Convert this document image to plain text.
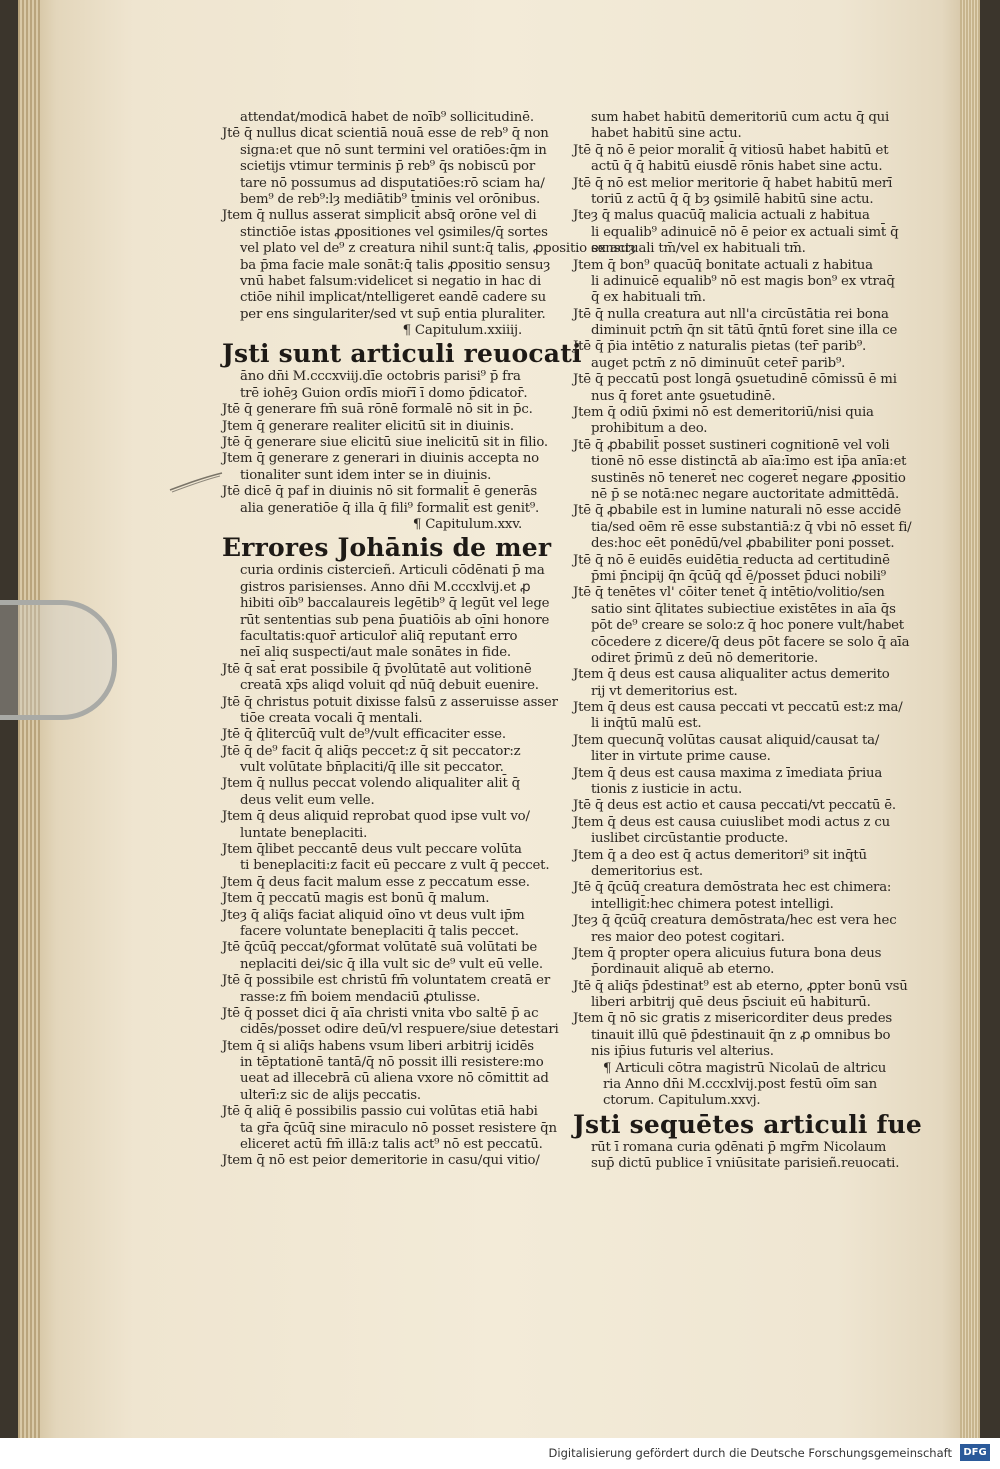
attendat/modicā habet de noīb⁹ sollicitudinē.
Jtē q̄ nullus dicat scientiā nouā esse de reb⁹ q̄ non
signa:et que nō sunt termini vel oratiōes:q̄m in
scietijs vtimur terminis p̄ reb⁹ q̄s nobiscū por
tare nō possumus ad disputatiōes:rō sciam ha/
bem⁹ de reb⁹:lȝ mediātib⁹ t̄minis vel orōnibus.
Jtem q̄ nullus asserat simplicit̄ absq̄ orōne vel di
stinctiōe istas ꝓpositiones vel ꝯsimiles/q̄ sortes
vel plato vel de⁹ z creatura nihil sunt:q̄ talis, ꝓpositio sensuȝ
ba p̄ma facie male sonāt:q̄ talis ꝓpositio sensuȝ
vnū habet falsum:videlicet si negatio in hac di
ctiōe nihil implicat/ntelligeret eandē cadere su
per ens singulariter/sed vt sup̄ entia pluraliter.
¶ Capitulum.xxiiij.
Jsti sunt articuli reuocati
āno dn̄i M.cccxviij.dīe octobris parisi⁹ p̄ fra
trē iohēȝ Guion ordīs mior̄ī ī domo p̄dicator̄.
Jtē q̄ generare fm̄ suā rōnē formalē nō sit in p̄c.
Jtem q̄ generare realiter elicitū sit in diuinis.
Jtē q̄ generare siue elicitū siue inelicitū sit in filio.
Jtem q̄ generare z generari in diuinis accepta no
tionaliter sunt idem inter se in diuinis.
Jtē dicē q̄ paf in diuinis nō sit formalit̄ ē generās
alia generatiōe q̄ illa q̄ fili⁹ formalit̄ est genit⁹.
¶ Capitulum.xxv.
Errores Johānis de mer
curia ordinis cistercieñ. Articuli cōdēnati p̄ ma
gistros parisienses. Anno dn̄i M.cccxlvij.et ꝓ
hibiti oīb⁹ baccalaureis legētib⁹ q̄ legūt vel lege
rūt sententias sub pena p̄uatiōis ab oīni honore
facultatis:quor̄ articulor̄ aliq̄ reputant̄ erro
neī aliq suspecti/aut male sonātes in fide.
Jtē q̄ sat̄ erat possibile q̄ p̄volūtatē aut volitionē
creatā xp̄s aliqd voluit qd̄ nūq̄ debuit euenire.
Jtē q̄ christus potuit dixisse falsū z asseruisse asser
tiōe creata vocali q̄ mentali.
Jtē q̄ q̄litercūq̄ vult de⁹/vult efficaciter esse.
Jtē q̄ de⁹ facit q̄ aliq̄s peccet:z q̄ sit peccator:z
vult volūtate bn̄placiti/q̄ ille sit peccator.
Jtem q̄ nullus peccat volendo aliqualiter alit̄ q̄
deus velit eum velle.
Jtem q̄ deus aliquid reprobat quod ipse vult vo/
luntate beneplaciti.
Jtem q̄libet peccantē deus vult peccare volūta
ti beneplaciti:z facit eū peccare z vult q̄ peccet.
Jtem q̄ deus facit malum esse z peccatum esse.
Jtem q̄ peccatū magis est bonū q̄ malum.
Jteȝ q̄ aliq̄s faciat aliquid oīno vt deus vult ip̄m
facere voluntate beneplaciti q̄ talis peccet.
Jtē q̄cūq̄ peccat/ꝯformat volūtatē suā volūtati be
neplaciti dei/sic q̄ illa vult sic de⁹ vult eū velle.
Jtē q̄ possibile est christū fm̄ voluntatem creatā er
rasse:z fm̄ boiem mendaciū ꝓtulisse.
Jtē q̄ posset dici q̄ aīa christi vnita vbo saltē p̄ ac
cidēs/posset odire deū/vl respuere/siue detestari
Jtem q̄ si aliq̄s habens vsum liberi arbitrij icidēs
in tēptationē tantā/q̄ nō possit illi resistere:mo
ueat ad illecebrā cū aliena vxore nō cōmittit ad
ulterī:z sic de alijs peccatis.
Jtē q̄ aliq̄ ē possibilis passio cui volūtas etiā habi
ta gr̄a q̄cūq̄ sine miraculo nō posset resistere q̄n
eliceret actū fm̄ illā:z talis act⁹ nō est peccatū.
Jtem q̄ nō est peior demeritorie in casu/qui vitio/
sum habet habitū demeritoriū cum actu q̄ qui
habet habitū sine actu.
Jtē q̄ nō ē peior moralit̄ q̄ vitiosū habet habitū et
actū q̄ q̄ habitū eiusdē rōnis habet sine actu.
Jtē q̄ nō est melior meritorie q̄ habet habitū merī
toriū z actū q̄ q̄ bȝ ꝯsimilē habitū sine actu.
Jteȝ q̄ malus quacūq̄ malicia actuali z habitua
li equalib⁹ adinuicē nō ē peior ex actuali simt̄ q̄
ex actuali tm̄/vel ex habituali tm̄.
Jtem q̄ bon⁹ quacūq̄ bonitate actuali z habitua
li adinuicē equalib⁹ nō est magis bon⁹ ex vtraq̄
q̄ ex habituali tm̄.
Jtē q̄ nulla creatura aut nll'a circūstātia rei bona
diminuit pctm̄ q̄n sit tātū q̄ntū foret sine illa ce
Jtē q̄ p̄ia intētio z naturalis pietas (ter̄ parib⁹.
auget pctm̄ z nō diminuūt ceter̄ parib⁹.
Jtē q̄ peccatū post longā ꝯsuetudinē cōmissū ē mi
nus q̄ foret ante ꝯsuetudinē.
Jtem q̄ odiū p̄ximi nō est demeritoriū/nisi quia
prohibitum a deo.
Jtē q̄ ꝓbabilit̄ posset sustineri cognitionē vel voli
tionē nō esse distinctā ab aīa:īmo est ip̄a anīa:et
sustinēs nō teneret̄ nec cogeret̄ negare ꝓpositio
nē p̄ se notā:nec negare auctoritate admittēdā.
Jtē q̄ ꝓbabile est in lumine naturali nō esse accidē
tia/sed oēm rē esse substantiā:z q̄ vbi nō esset fi/
des:hoc eēt ponēdū/vel ꝓbabiliter poni posset.
Jtē q̄ nō ē euidēs euidētia reducta ad certitudinē
p̄mi p̄ncipij q̄n q̄cūq̄ qd̄ ē/posset p̄duci nobili⁹
Jtē q̄ tenētes vl' cōiter tenet̄ q̄ intētio/volitio/sen
satio sint q̄litates subiectiue existētes in aīa q̄s
pōt de⁹ creare se solo:z q̄ hoc ponere vult/habet
cōcedere z dicere/q̄ deus pōt facere se solo q̄ aīa
odiret p̄rimū z deū nō demeritorie.
Jtem q̄ deus est causa aliqualiter actus demerito
rij vt demeritorius est.
Jtem q̄ deus est causa peccati vt peccatū est:z ma/
li inq̄tū malū est.
Jtem quecunq̄ volūtas causat aliquid/causat ta/
liter in virtute prime cause.
Jtem q̄ deus est causa maxima z īmediata p̄riua
tionis z iusticie in actu.
Jtē q̄ deus est actio et causa peccati/vt peccatū ē.
Jtem q̄ deus est causa cuiuslibet modi actus z cu
iuslibet circūstantie producte.
Jtem q̄ a deo est q̄ actus demeritori⁹ sit inq̄tū
demeritorius est.
Jtē q̄ q̄cūq̄ creatura demōstrata hec est chimera:
intelligit̄:hec chimera potest intelligi.
Jteȝ q̄ q̄cūq̄ creatura demōstrata/hec est vera hec
res maior deo potest cogitari.
Jtem q̄ propter opera alicuius futura bona deus
p̄ordinauit aliquē ab eterno.
Jtē q̄ aliq̄s p̄destinat⁹ est ab eterno, ꝓpter bonū vsū
liberi arbitrij quē deus p̄sciuit eū habiturū.
Jtem q̄ nō sic gratis z misericorditer deus predes
tinauit illū quē p̄destinauit q̄n z ꝓ omnibus bo
nis ip̄ius futuris vel alterius.
¶ Articuli cōtra magistrū Nicolaū de altricu
ria Anno dn̄i M.cccxlvij.post festū oīm san
ctorum. Capitulum.xxvj.
Jsti sequētes articuli fue
rūt ī romana curia ꝯdēnati p̄ mgr̄m Nicolaum
sup̄ dictū publice ī vniūsitate parisieñ.reuocati.
Digitalisierung gefördert durch die Deutsche Forschungsgemeinschaft	DFG
